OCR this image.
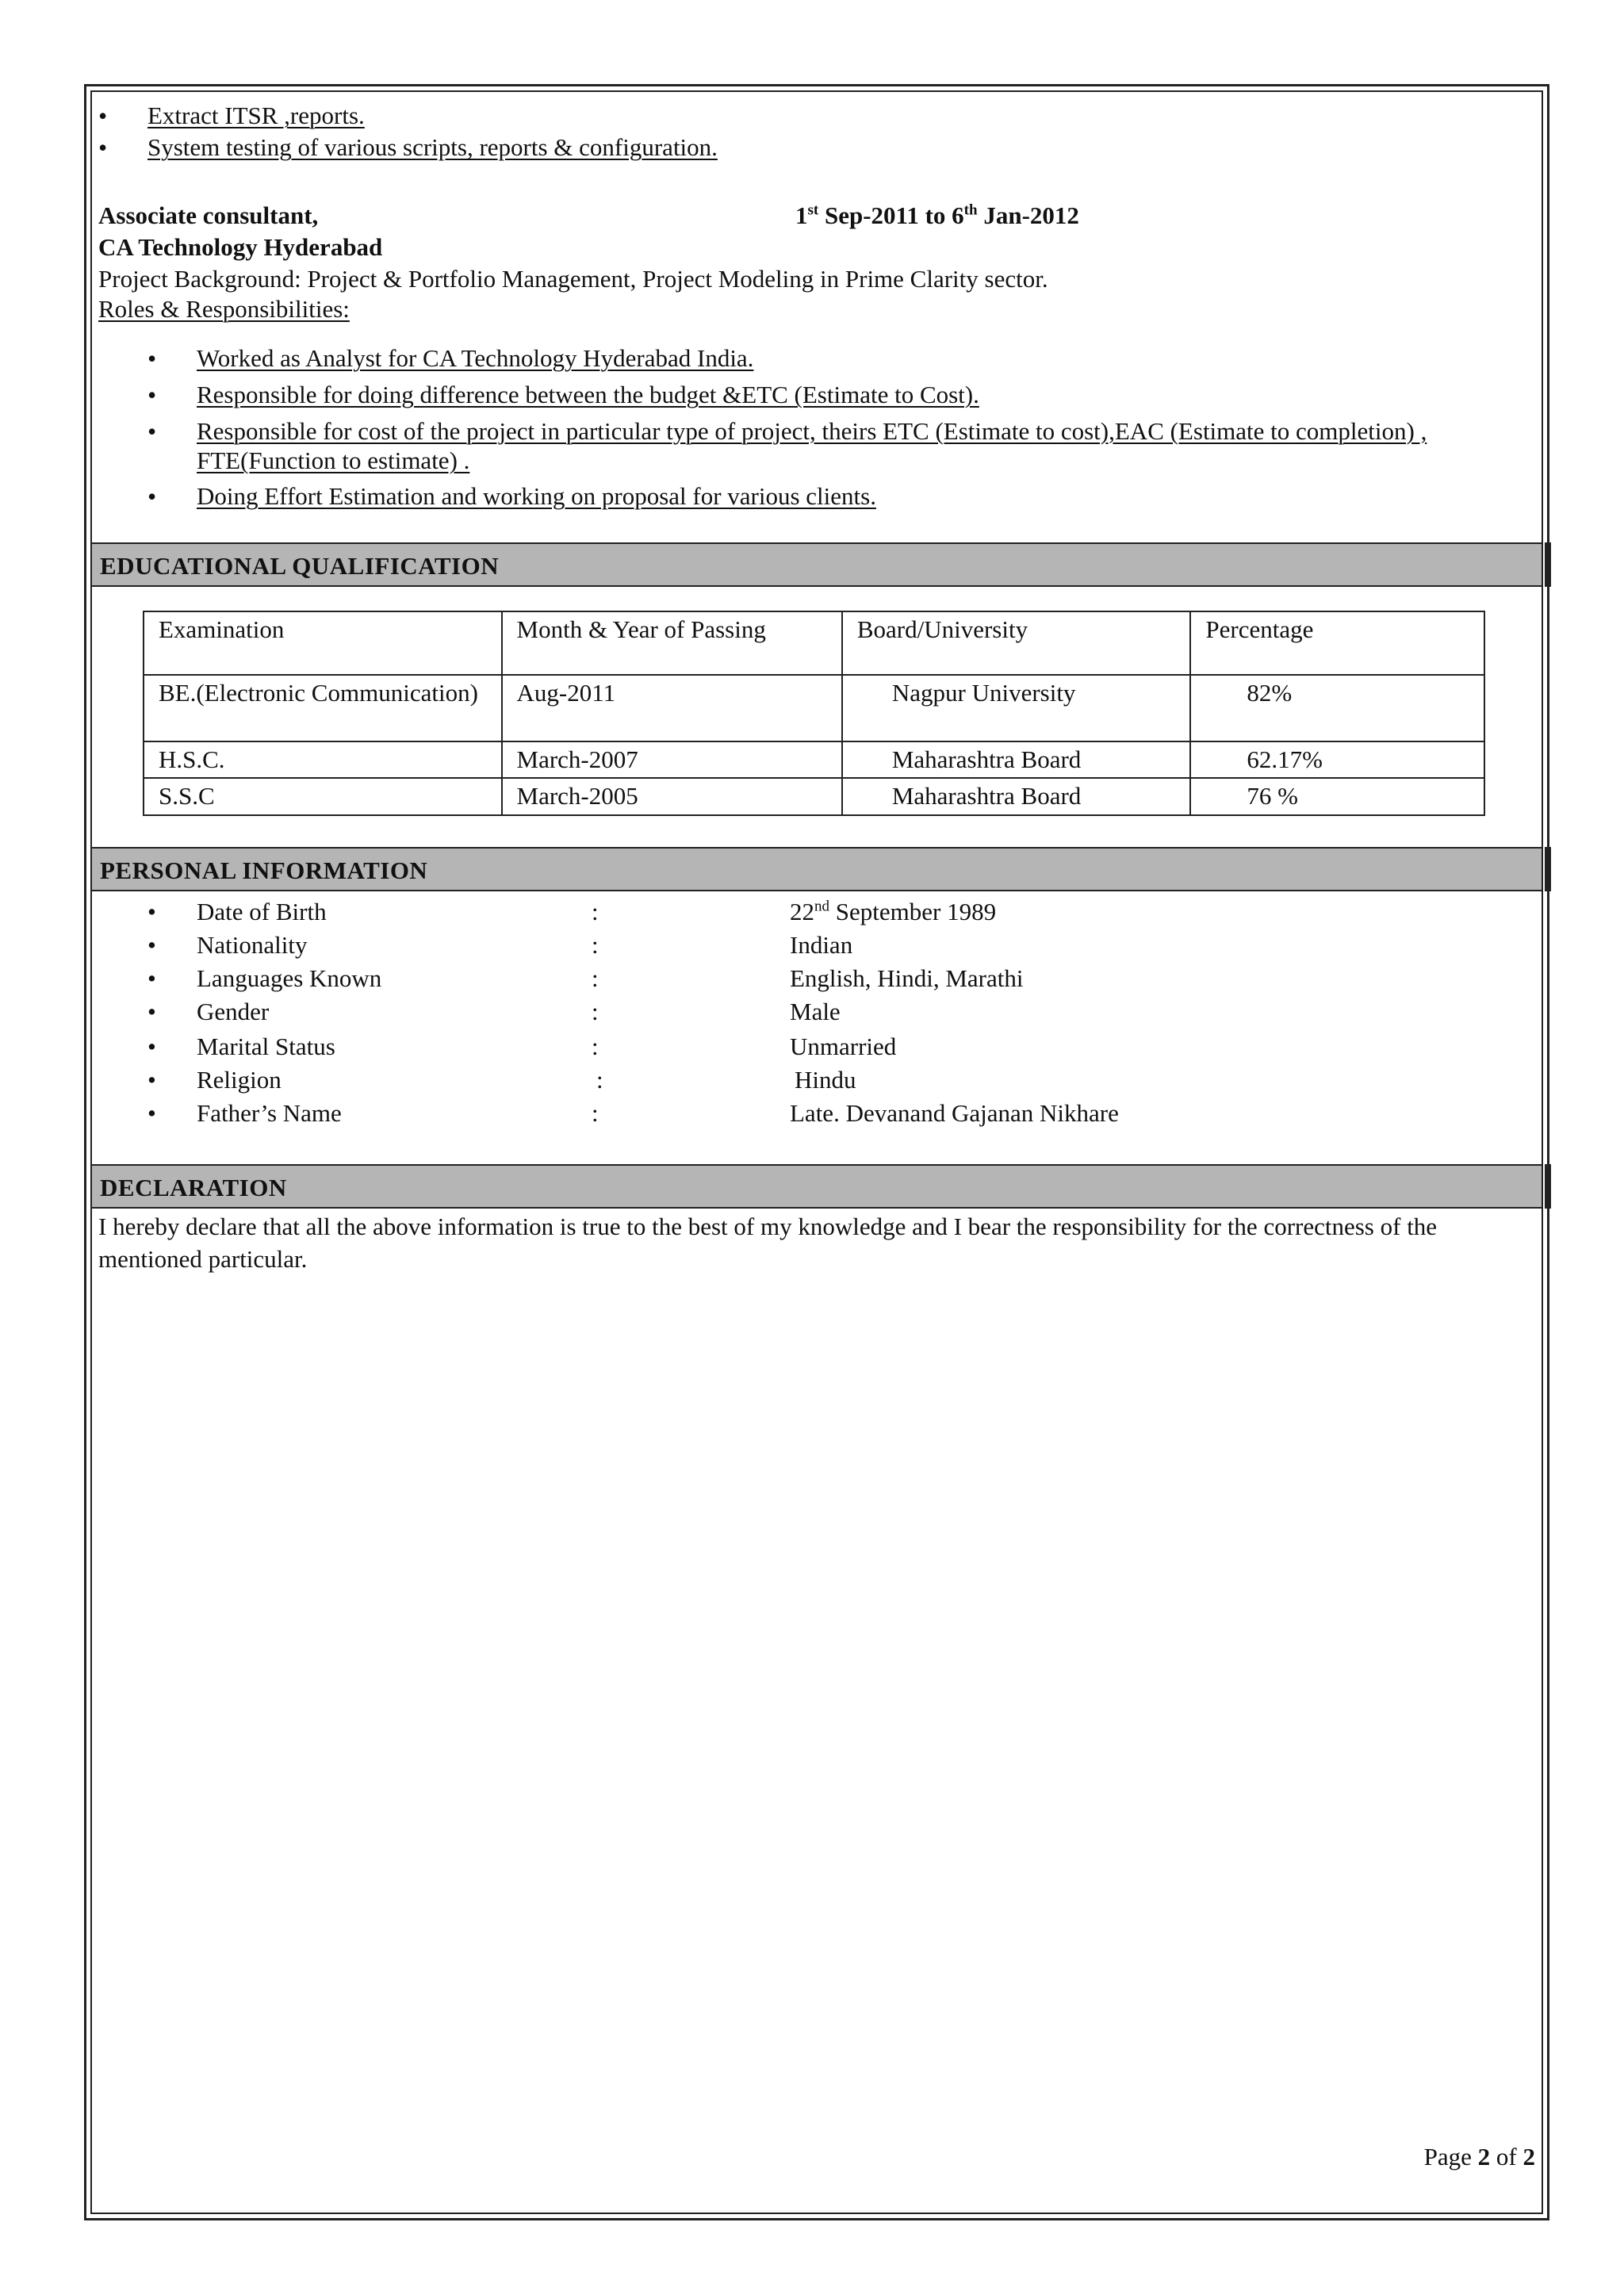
• Extract ITSR ,reports.
• System testing of various scripts, reports & configuration.
Associate consultant,	1st Sep-2011 to 6th Jan-2012
CA Technology Hyderabad
Project Background: Project & Portfolio Management, Project Modeling in Prime Clarity sector.
Roles & Responsibilities:
• Worked as Analyst for CA Technology Hyderabad India.
• Responsible for doing difference between the budget &ETC (Estimate to Cost).
• Responsible for cost of the project in particular type of project, theirs ETC (Estimate to cost),EAC (Estimate to completion) , FTE(Function to estimate) .
• Doing Effort Estimation and working on proposal for various clients.
EDUCATIONAL QUALIFICATION
Examination	Month & Year of Passing	Board/University	Percentage
BE.(Electronic Communication)	Aug-2011	Nagpur University	82%
H.S.C.	March-2007	Maharashtra Board	62.17%
S.S.C	March-2005	Maharashtra Board	76 %
PERSONAL INFORMATION
• Date of Birth	:	22nd September 1989
• Nationality	:	Indian
• Languages Known	:	English, Hindi, Marathi
• Gender	:	Male
• Marital Status	:	Unmarried
• Religion	:	Hindu
• Father’s Name	:	Late. Devanand Gajanan Nikhare
DECLARATION
I hereby declare that all the above information is true to the best of my knowledge and I bear the responsibility for the correctness of the mentioned particular.
Page 2 of 2
